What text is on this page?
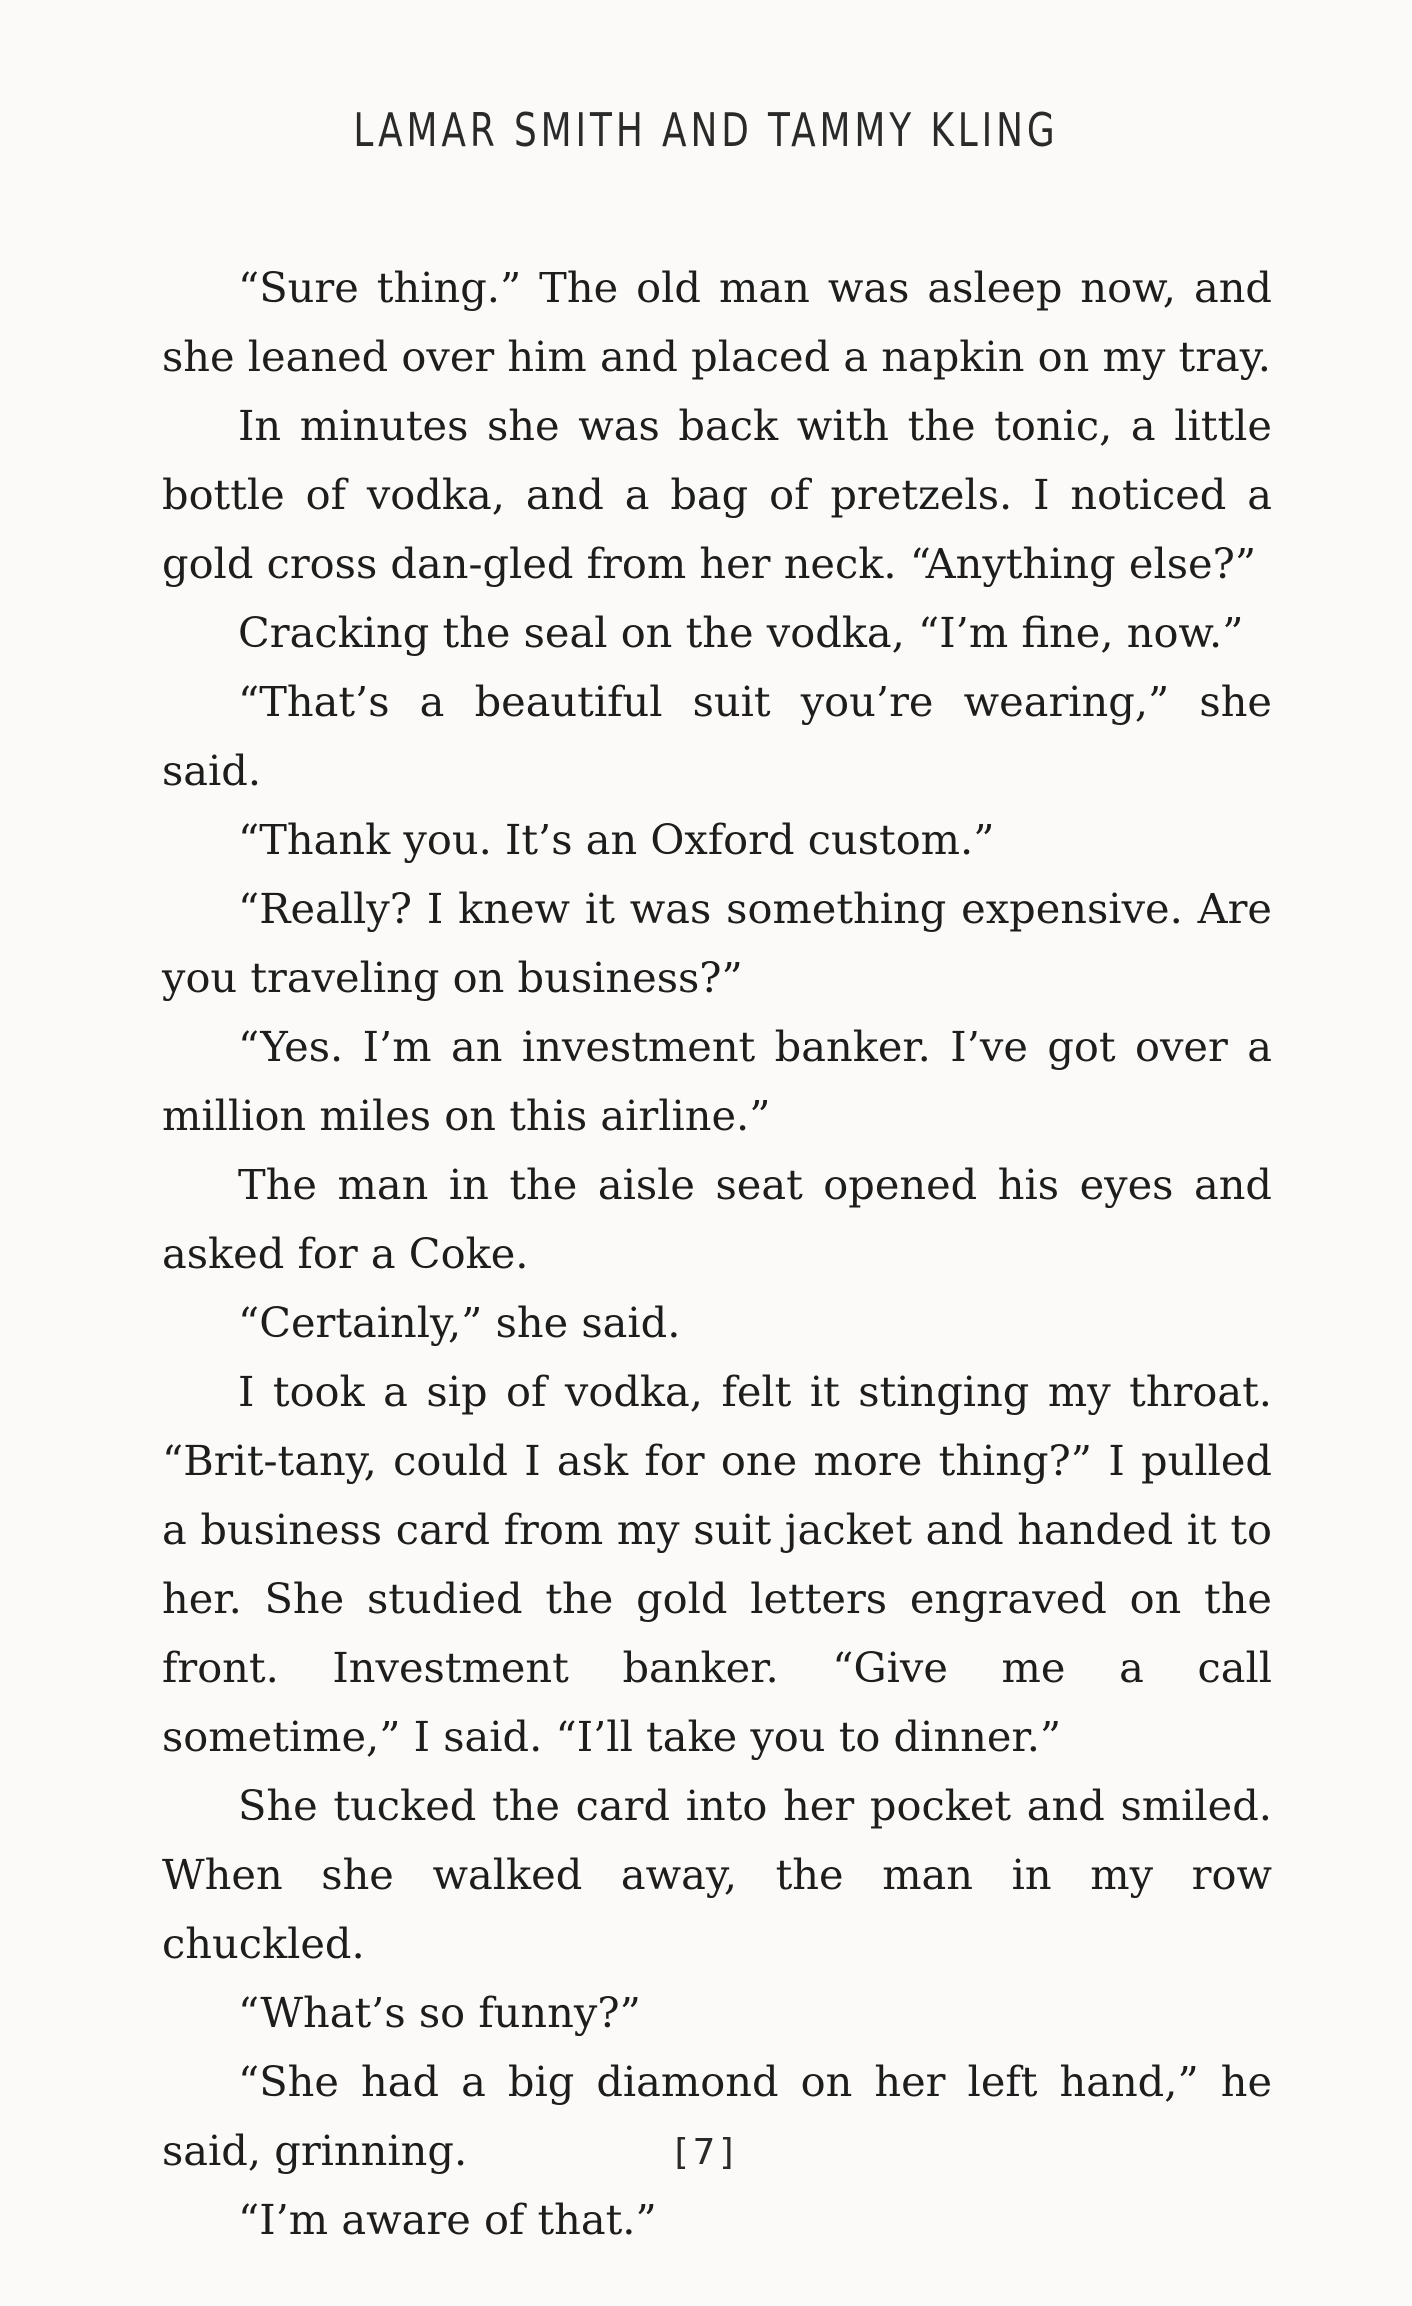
LAMAR SMITH AND TAMMY KLING

“Sure thing.” The old man was asleep now, and she leaned over him and placed a napkin on my tray.

In minutes she was back with the tonic, a little bottle of vodka, and a bag of pretzels. I noticed a gold cross dan-gled from her neck. “Anything else?”

Cracking the seal on the vodka, “I’m fine, now.”

“That’s a beautiful suit you’re wearing,” she said.

“Thank you. It’s an Oxford custom.”

“Really? I knew it was something expensive. Are you traveling on business?”

“Yes. I’m an investment banker. I’ve got over a million miles on this airline.”

The man in the aisle seat opened his eyes and asked for a Coke.

“Certainly,” she said.

I took a sip of vodka, felt it stinging my throat. “Brit-tany, could I ask for one more thing?” I pulled a business card from my suit jacket and handed it to her. She studied the gold letters engraved on the front. Investment banker. “Give me a call sometime,” I said. “I’ll take you to dinner.”

She tucked the card into her pocket and smiled. When she walked away, the man in my row chuckled.

“What’s so funny?”

“She had a big diamond on her left hand,” he said, grinning.

“I’m aware of that.”

[7]
